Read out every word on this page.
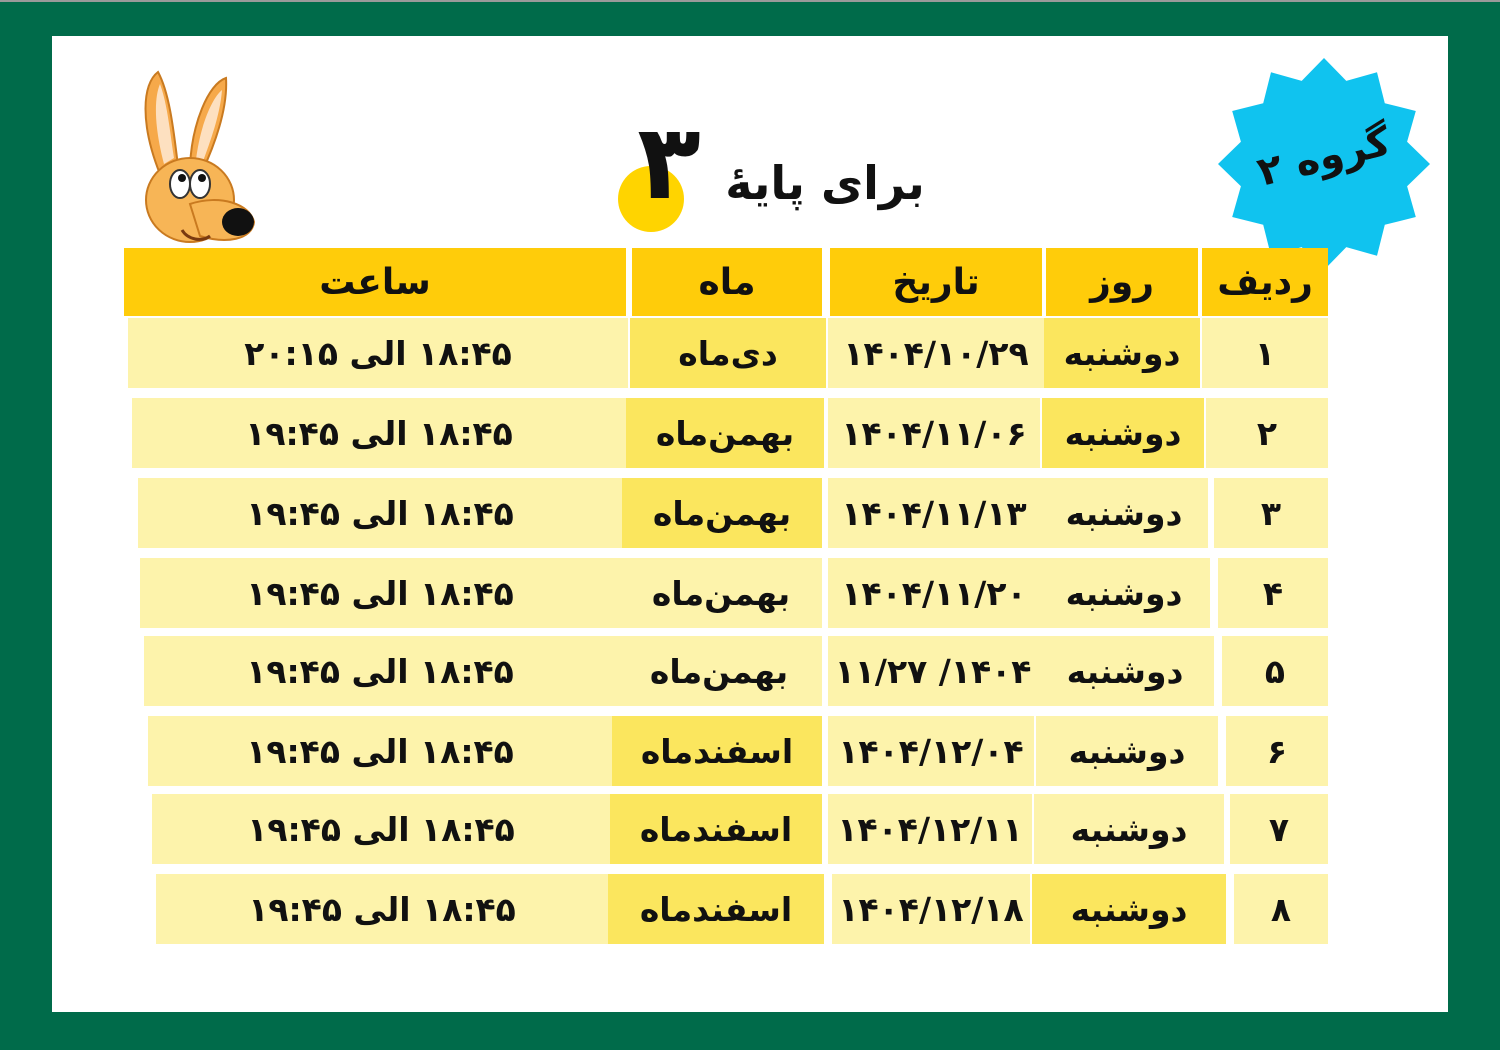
برای پایهٔ
۳	گروه ۲
ردیف
روز
تاریخ
ماه
ساعت
۱
دوشنبه
۱۴۰۴/۱۰/۲۹
دی‌ماه
۱۸:۴۵ الی ۲۰:۱۵
۲
دوشنبه
۱۴۰۴/۱۱/۰۶
بهمن‌ماه
۱۸:۴۵ الی ۱۹:۴۵
۳
دوشنبه
۱۴۰۴/۱۱/۱۳
بهمن‌ماه
۱۸:۴۵ الی ۱۹:۴۵
۴
دوشنبه
۱۴۰۴/۱۱/۲۰
بهمن‌ماه
۱۸:۴۵ الی ۱۹:۴۵
۵
دوشنبه
۱۴۰۴/ ۱۱/۲۷
بهمن‌ماه
۱۸:۴۵ الی ۱۹:۴۵
۶
دوشنبه
۱۴۰۴/۱۲/۰۴
اسفندماه
۱۸:۴۵ الی ۱۹:۴۵
۷
دوشنبه
۱۴۰۴/۱۲/۱۱
اسفندماه
۱۸:۴۵ الی ۱۹:۴۵
۸
دوشنبه
۱۴۰۴/۱۲/۱۸
اسفندماه
۱۸:۴۵ الی ۱۹:۴۵
